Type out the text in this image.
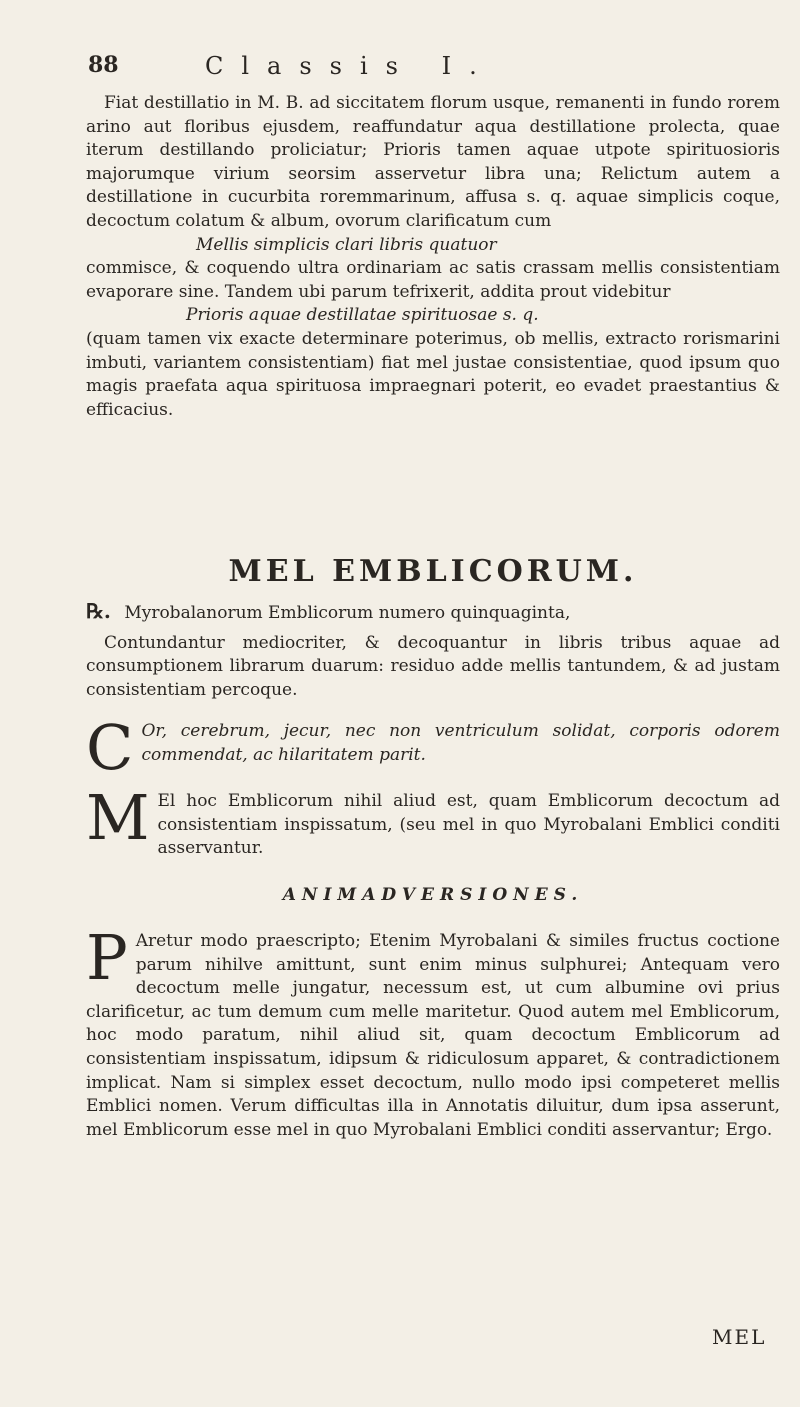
88	Classis I.

Fiat destillatio in M. B. ad siccitatem florum usque, remanenti in fundo rorem arino aut floribus ejusdem, reaffundatur aqua destillatione prolecta, quae iterum destillando proliciatur; Prioris tamen aquae utpote spirituosioris majorumque virium seorsim asservetur libra una; Relictum autem a destillatione in cucurbita roremmarinum, affusa s. q. aquae simplicis coque, decoctum colatum & album, ovorum clarificatum cum

Mellis simplicis clari libris quatuor

commisce, & coquendo ultra ordinariam ac satis crassam mellis consistentiam evaporare sine. Tandem ubi parum tefrixerit, addita prout videbitur

Prioris aquae destillatae spirituosae s. q.

(quam tamen vix exacte determinare poterimus, ob mellis, extracto rorismarini imbuti, variantem consistentiam) fiat mel justae consistentiae, quod ipsum quo magis praefata aqua spirituosa impraegnari poterit, eo evadet praestantius & efficacius.

MEL EMBLICORUM.
℞. Myrobalanorum Emblicorum numero quinquaginta,

Contundantur mediocriter, & decoquantur in libris tribus aquae ad consumptionem librarum duarum: residuo adde mellis tantundem, & ad justam consistentiam percoque.

C Or, cerebrum, jecur, nec non ventriculum solidat, corporis odorem commendat, ac hilaritatem parit.

M El hoc Emblicorum nihil aliud est, quam Emblicorum decoctum ad consistentiam inspissatum, (seu mel in quo Myrobalani Emblici conditi asservantur.

ANIMADVERSIONES.
P Aretur modo praescripto; Etenim Myrobalani & similes fructus coctione parum nihilve amittunt, sunt enim minus sulphurei; Antequam vero decoctum melle jungatur, necessum est, ut cum albumine ovi prius clarificetur, ac tum demum cum melle maritetur. Quod autem mel Emblicorum, hoc modo paratum, nihil aliud sit, quam decoctum Emblicorum ad consistentiam inspissatum, idipsum & ridiculosum apparet, & contradictionem implicat. Nam si simplex esset decoctum, nullo modo ipsi competeret mellis Emblici nomen. Verum difficultas illa in Annotatis diluitur, dum ipsa asserunt, mel Emblicorum esse mel in quo Myrobalani Emblici conditi asservantur; Ergo.

MEL
